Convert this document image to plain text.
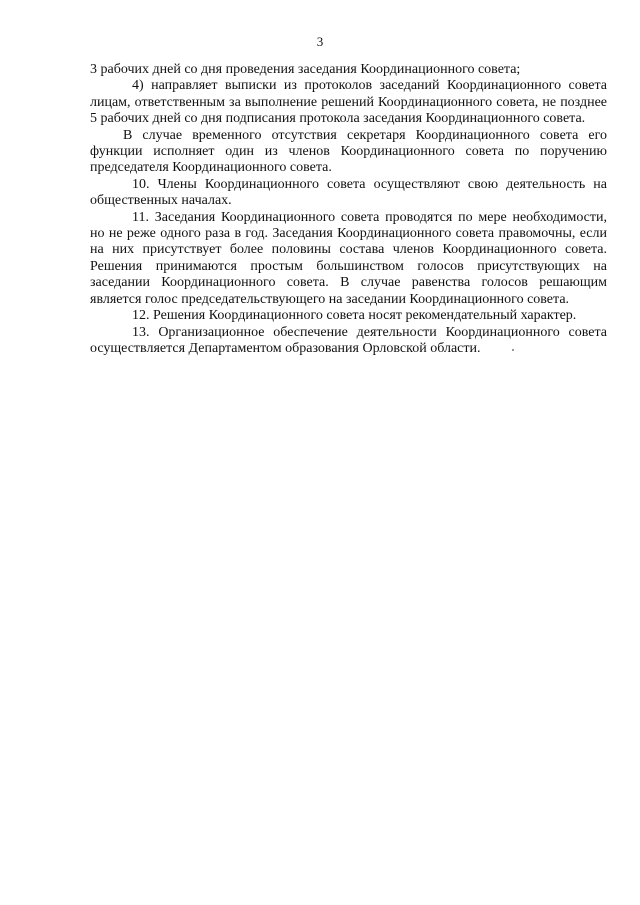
3

3 рабочих дней со дня проведения заседания Координационного совета;

4) направляет выписки из протоколов заседаний Координационного совета лицам, ответственным за выполнение решений Координационного совета, не позднее 5 рабочих дней со дня подписания протокола заседания Координационного совета.

В случае временного отсутствия секретаря Координационного совета его функции исполняет один из членов Координационного совета по поручению председателя Координационного совета.

10. Члены Координационного совета осуществляют свою деятельность на общественных началах.

11. Заседания Координационного совета проводятся по мере необходимости, но не реже одного раза в год. Заседания Координационного совета правомочны, если на них присутствует более половины состава членов Координационного совета. Решения принимаются простым большинством голосов присутствующих на заседании Координационного совета. В случае равенства голосов решающим является голос председательствующего на заседании Координационного совета.

12. Решения Координационного совета носят рекомендательный характер.

13. Организационное обеспечение деятельности Координационного совета осуществляется Департаментом образования Орловской области.
